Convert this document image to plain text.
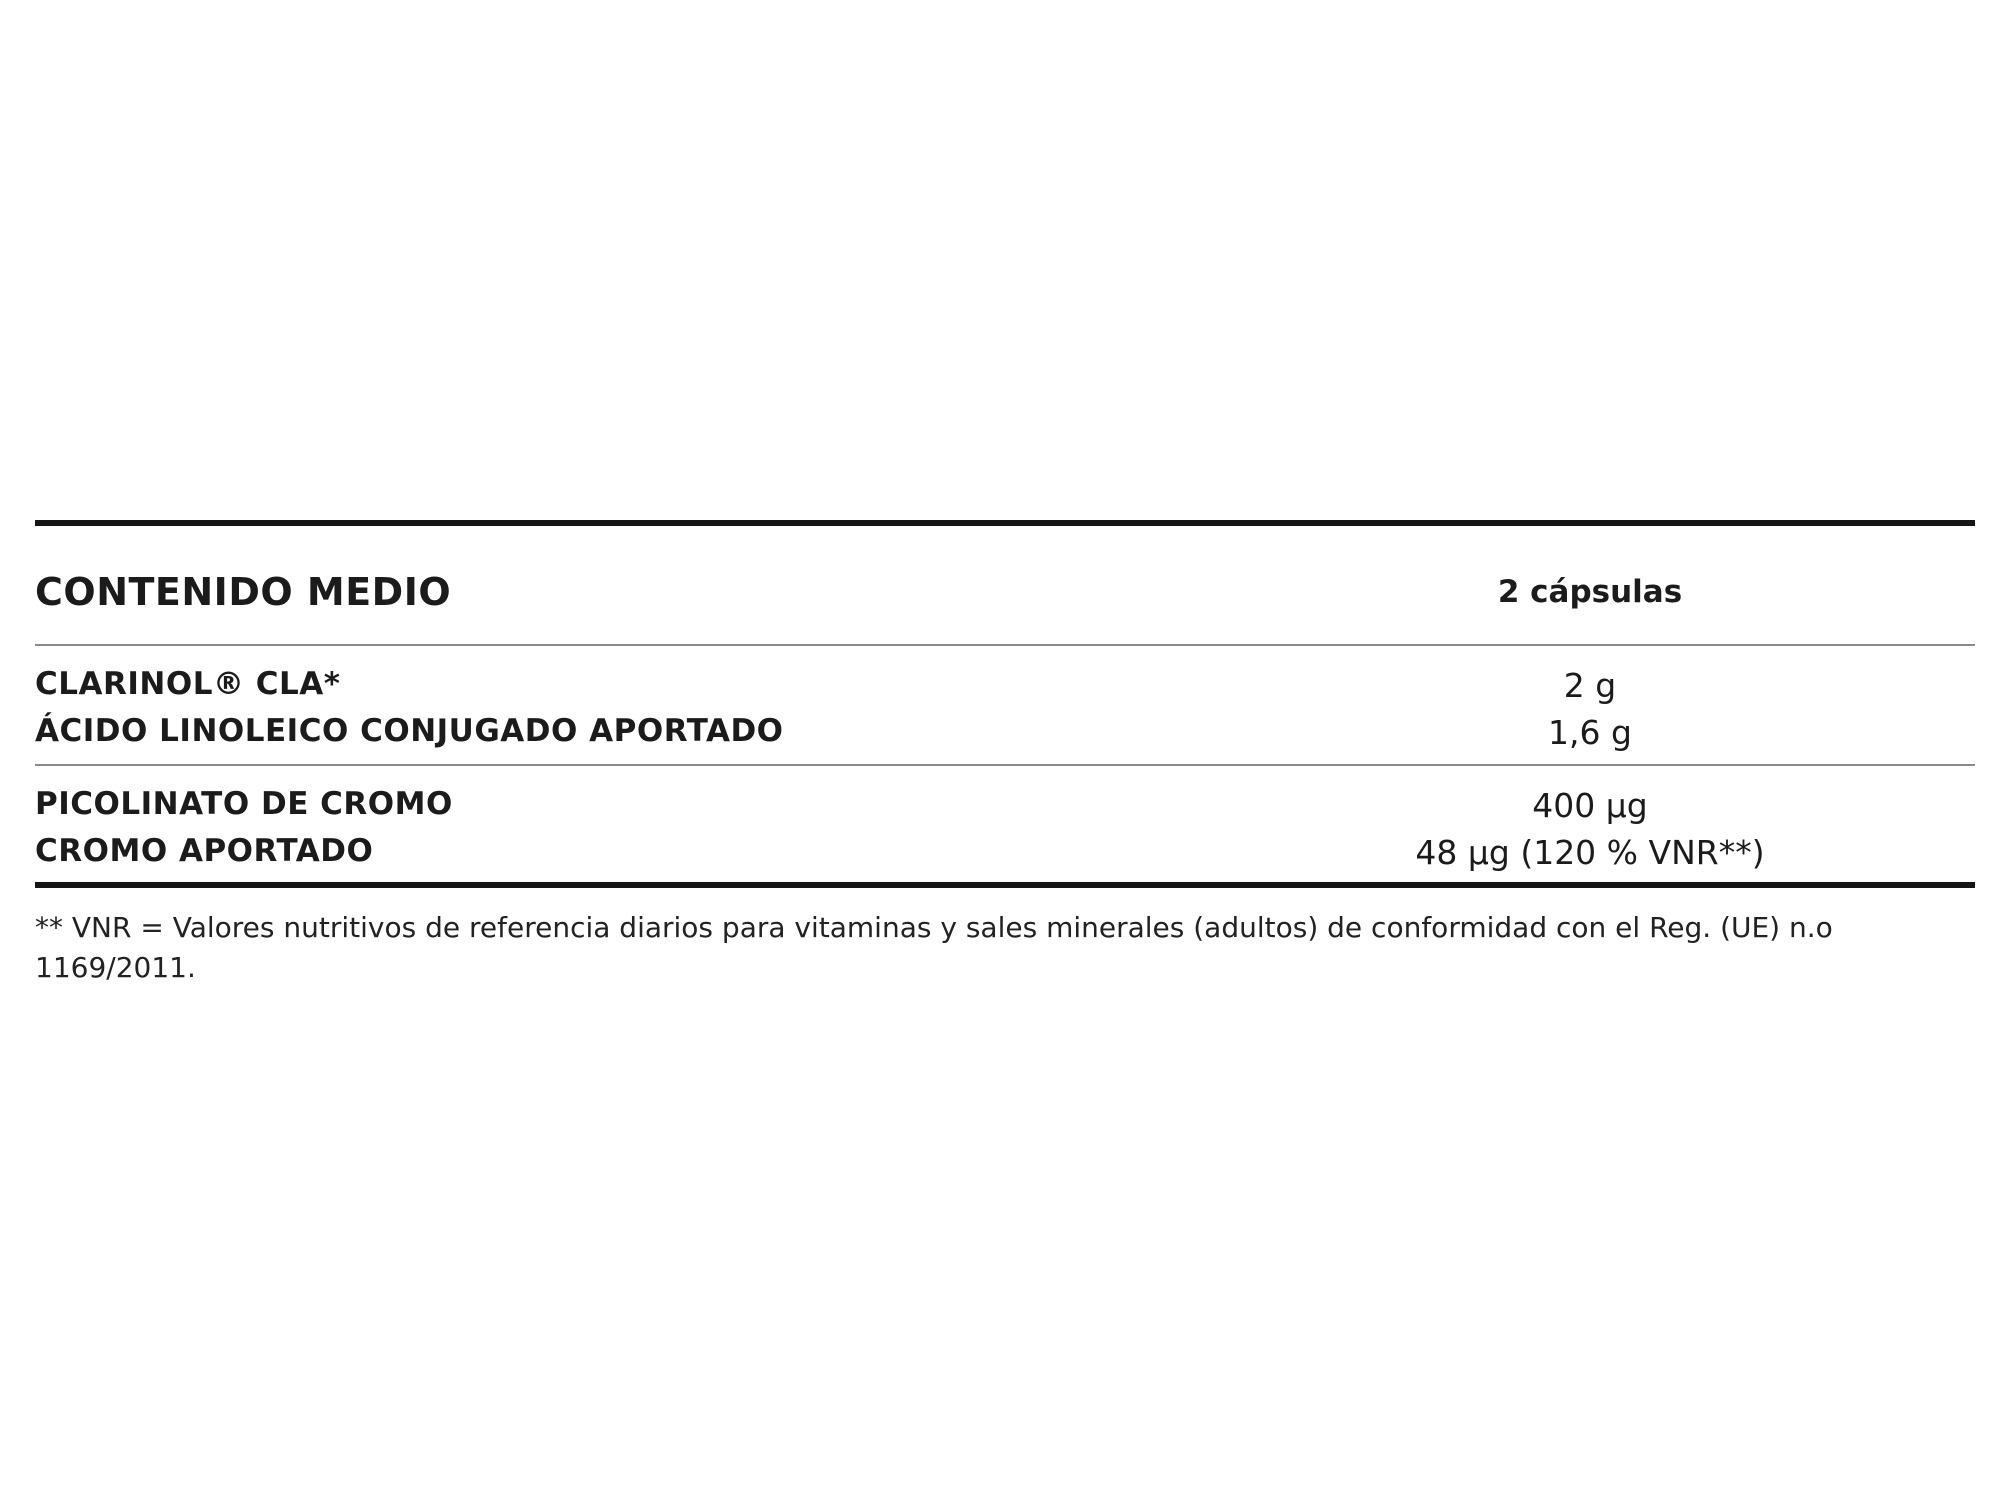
CONTENIDO MEDIO	2 cápsulas
CLARINOL® CLA*	2 g
ÁCIDO LINOLEICO CONJUGADO APORTADO	1,6 g
PICOLINATO DE CROMO	400 µg
CROMO APORTADO	48 µg (120 % VNR**)
** VNR = Valores nutritivos de referencia diarios para vitaminas y sales minerales (adultos) de conformidad con el Reg. (UE) n.o 1169/2011.
